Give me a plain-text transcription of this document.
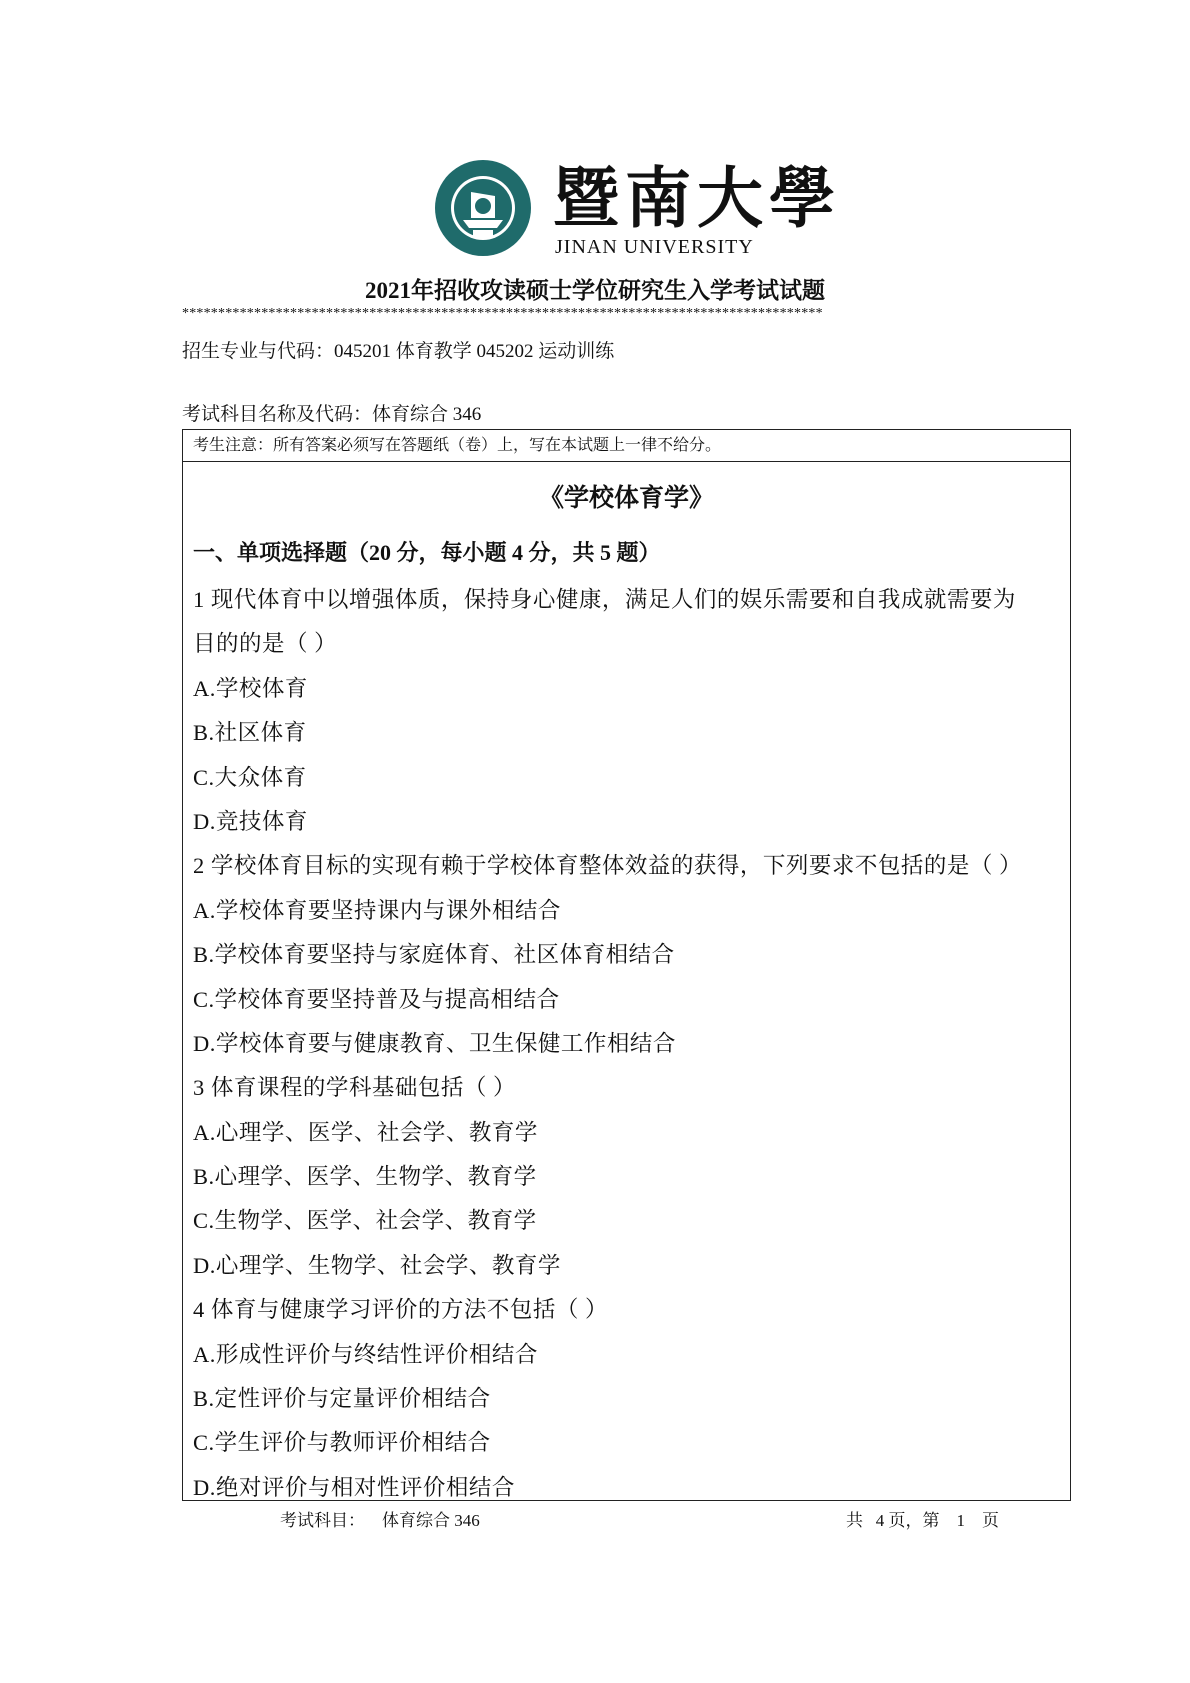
暨南大學
JINAN UNIVERSITY
2021年招收攻读硕士学位研究生入学考试试题
*****************************************************************************************
招生专业与代码：045201 体育教学 045202 运动训练
考试科目名称及代码：体育综合 346
考生注意：所有答案必须写在答题纸（卷）上，写在本试题上一律不给分。
《学校体育学》
一、单项选择题（20 分，每小题 4 分，共 5 题）
1 现代体育中以增强体质，保持身心健康，满足人们的娱乐需要和自我成就需要为
目的的是（ ）
A.学校体育
B.社区体育
C.大众体育
D.竞技体育
2 学校体育目标的实现有赖于学校体育整体效益的获得，下列要求不包括的是（ ）
A.学校体育要坚持课内与课外相结合
B.学校体育要坚持与家庭体育、社区体育相结合
C.学校体育要坚持普及与提高相结合
D.学校体育要与健康教育、卫生保健工作相结合
3 体育课程的学科基础包括（ ）
A.心理学、医学、社会学、教育学
B.心理学、医学、生物学、教育学
C.生物学、医学、社会学、教育学
D.心理学、生物学、社会学、教育学
4 体育与健康学习评价的方法不包括（ ）
A.形成性评价与终结性评价相结合
B.定性评价与定量评价相结合
C.学生评价与教师评价相结合
D.绝对评价与相对性评价相结合
考试科目：    体育综合 346	共   4 页，第    1    页
